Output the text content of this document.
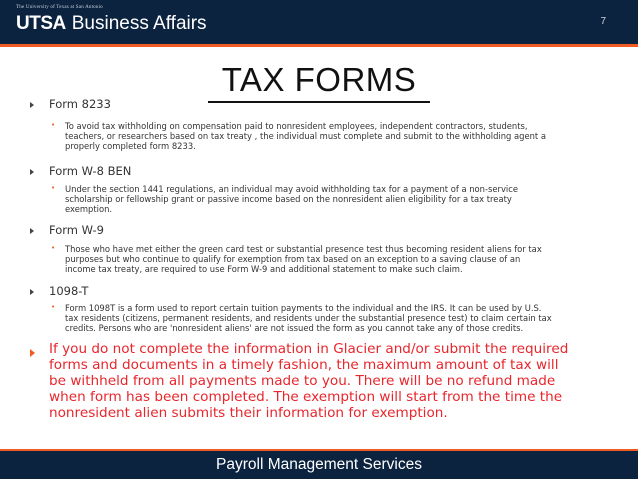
The University of Texas at San Antonio
UTSA Business Affairs	7
TAX FORMS
Form 8233
• To avoid tax withholding on compensation paid to nonresident employees, independent contractors, students,
teachers, or researchers based on tax treaty , the individual must complete and submit to the withholding agent a
properly completed form 8233.
Form W-8 BEN
• Under the section 1441 regulations, an individual may avoid withholding tax for a payment of a non-service
scholarship or fellowship grant or passive income based on the nonresident alien eligibility for a tax treaty
exemption.
Form W-9
• Those who have met either the green card test or substantial presence test thus becoming resident aliens for tax
purposes but who continue to qualify for exemption from tax based on an exception to a saving clause of an
income tax treaty, are required to use Form W-9 and additional statement to make such claim.
1098-T
• Form 1098T is a form used to report certain tuition payments to the individual and the IRS. It can be used by U.S.
tax residents (citizens, permanent residents, and residents under the substantial presence test) to claim certain tax
credits. Persons who are 'nonresident aliens' are not issued the form as you cannot take any of those credits.
If you do not complete the information in Glacier and/or submit the required
forms and documents in a timely fashion, the maximum amount of tax will
be withheld from all payments made to you. There will be no refund made
when form has been completed. The exemption will start from the time the
nonresident alien submits their information for exemption.
Payroll Management Services
